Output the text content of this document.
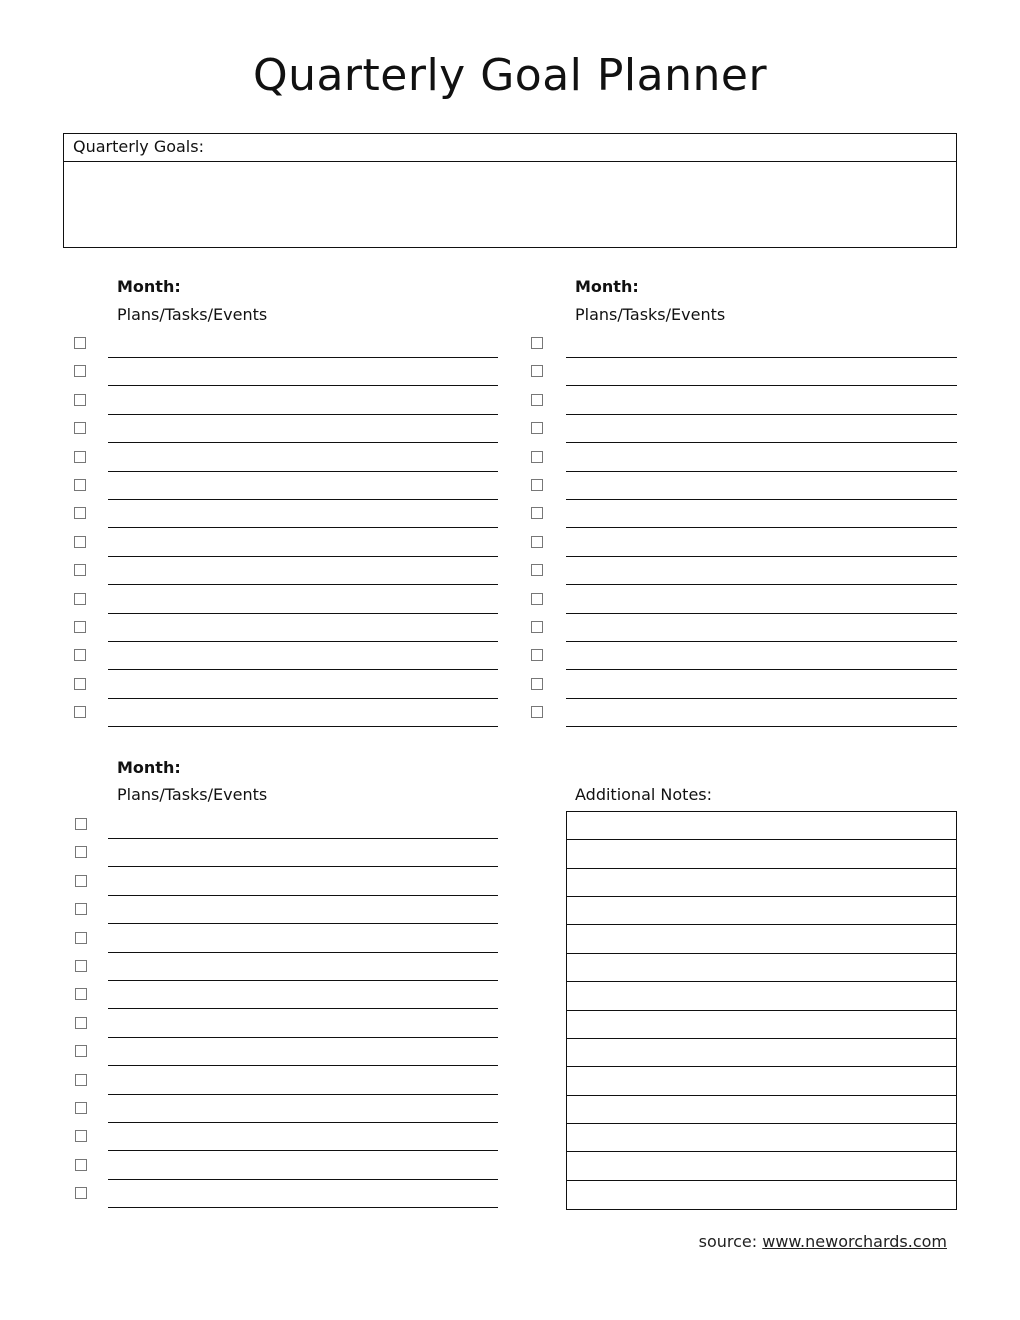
Quarterly Goal Planner
Quarterly Goals:
Month:
Plans/Tasks/Events
Month:
Plans/Tasks/Events
Month:
Plans/Tasks/Events	Additional Notes:
source: www.neworchards.com
